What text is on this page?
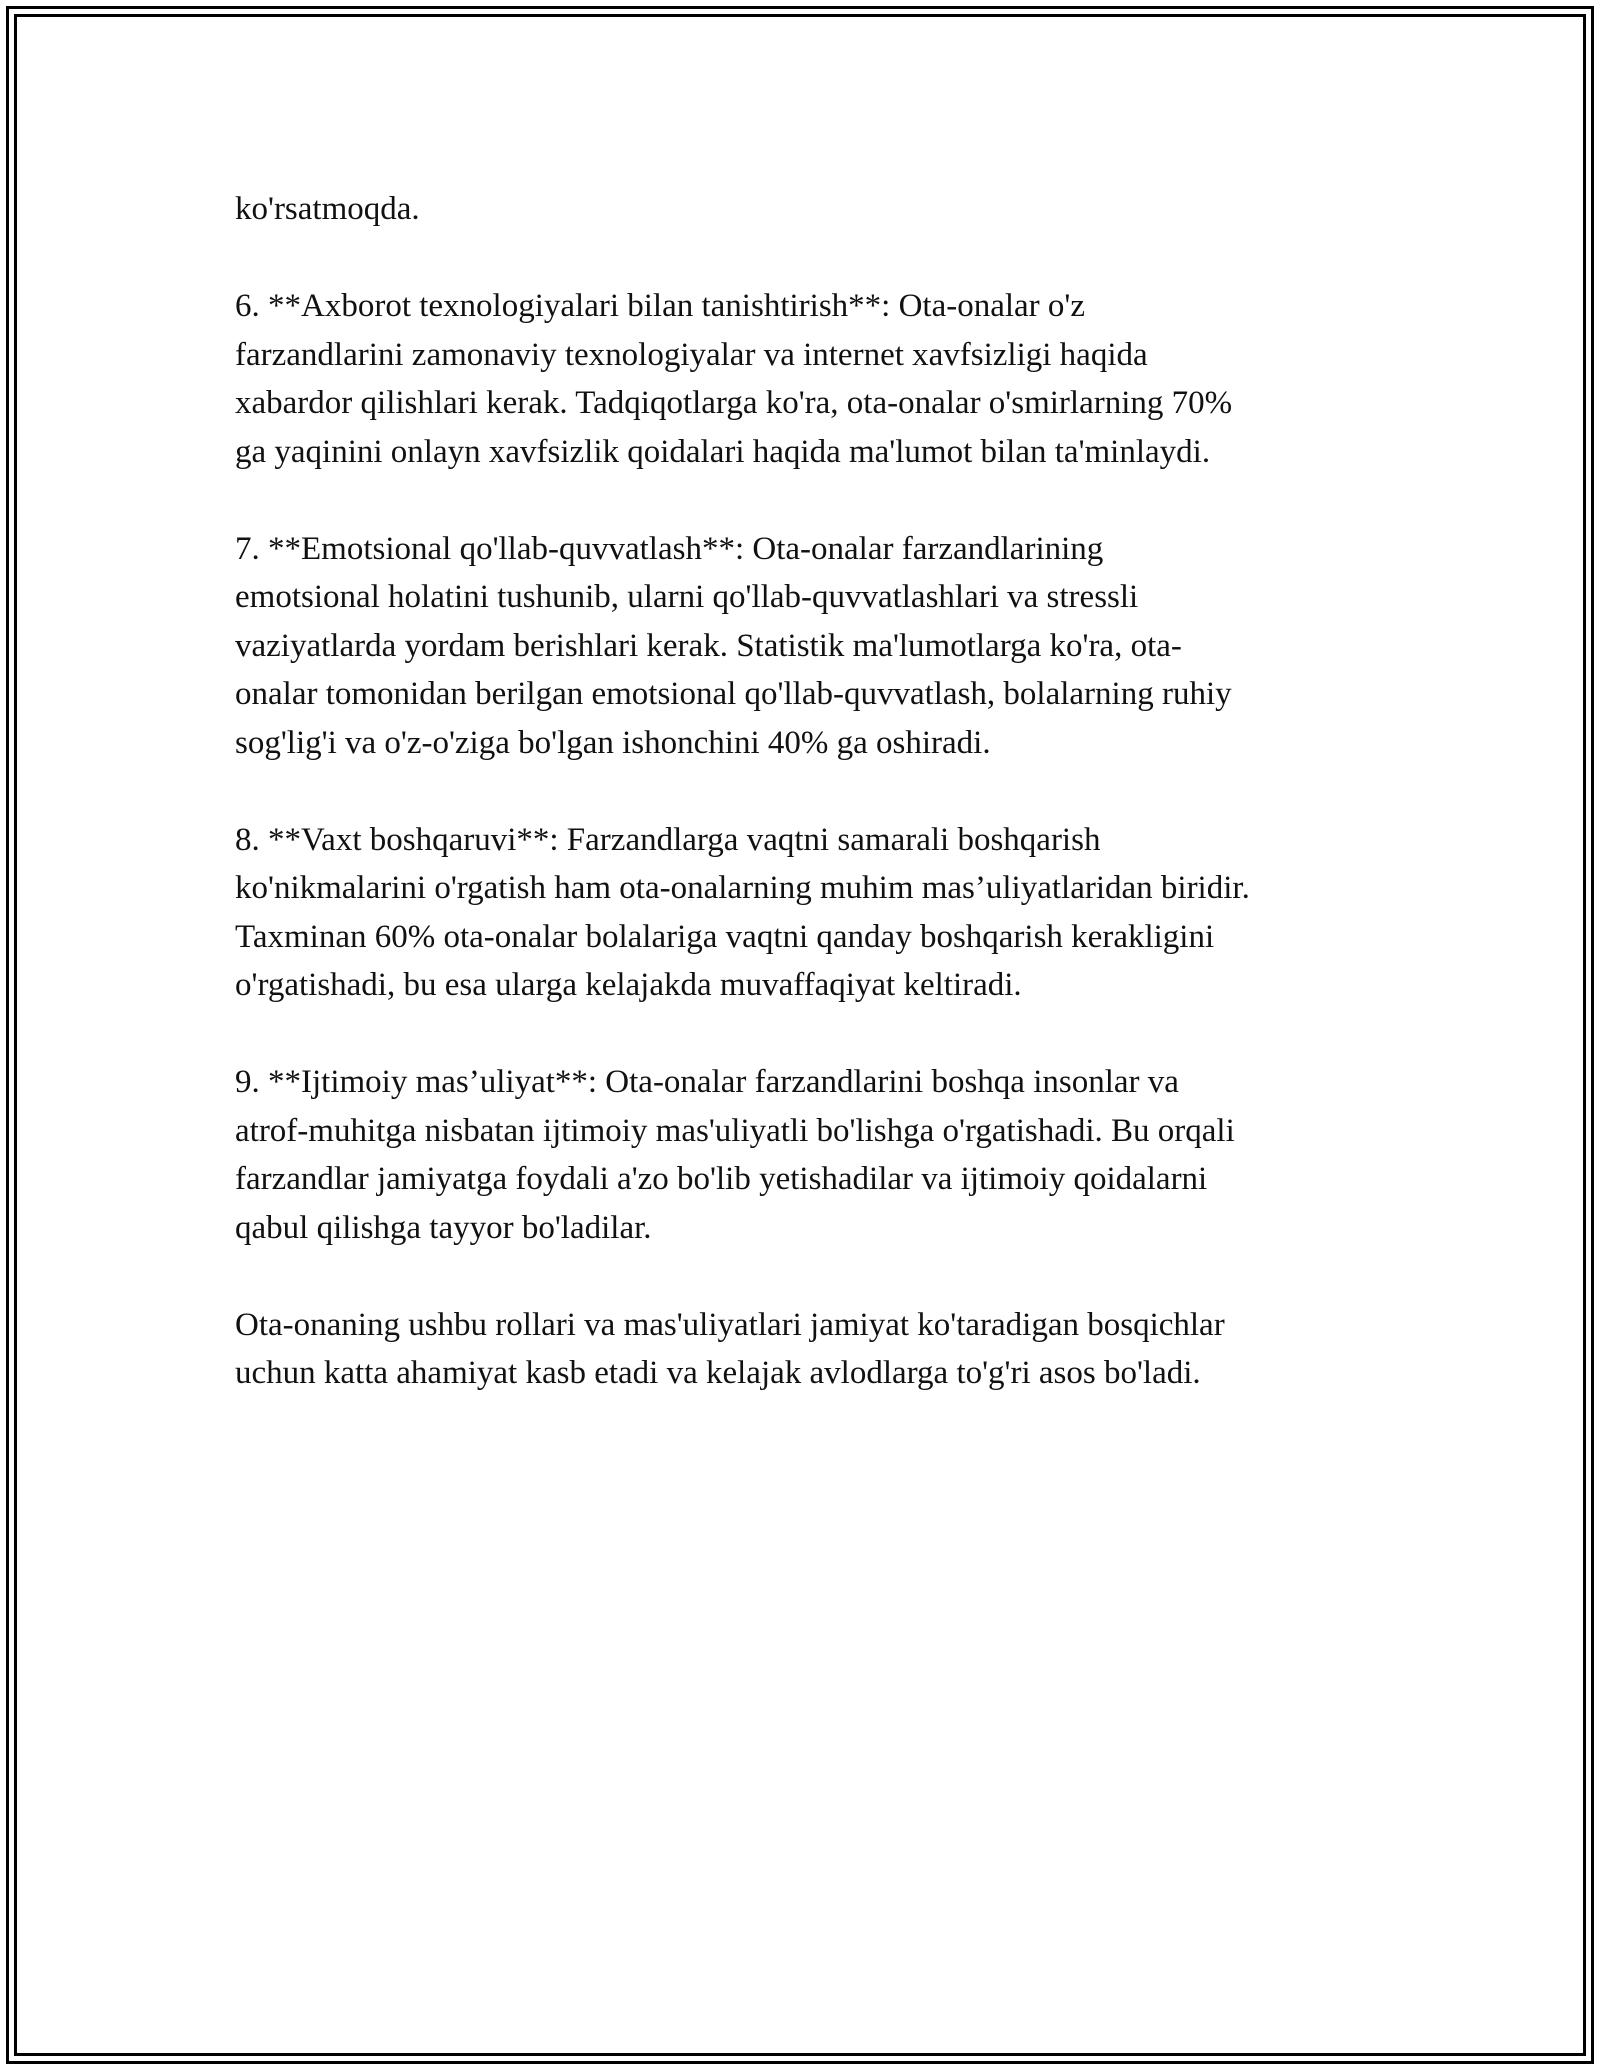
ko'rsatmoqda.

6. **Axborot texnologiyalari bilan tanishtirish**: Ota-onalar o'z
farzandlarini zamonaviy texnologiyalar va internet xavfsizligi haqida
xabardor qilishlari kerak. Tadqiqotlarga ko'ra, ota-onalar o'smirlarning 70%
ga yaqinini onlayn xavfsizlik qoidalari haqida ma'lumot bilan ta'minlaydi.

7. **Emotsional qo'llab-quvvatlash**: Ota-onalar farzandlarining
emotsional holatini tushunib, ularni qo'llab-quvvatlashlari va stressli
vaziyatlarda yordam berishlari kerak. Statistik ma'lumotlarga ko'ra, ota-
onalar tomonidan berilgan emotsional qo'llab-quvvatlash, bolalarning ruhiy
sog'lig'i va o'z-o'ziga bo'lgan ishonchini 40% ga oshiradi.

8. **Vaxt boshqaruvi**: Farzandlarga vaqtni samarali boshqarish
ko'nikmalarini o'rgatish ham ota-onalarning muhim mas’uliyatlaridan biridir.
Taxminan 60% ota-onalar bolalariga vaqtni qanday boshqarish kerakligini
o'rgatishadi, bu esa ularga kelajakda muvaffaqiyat keltiradi.

9. **Ijtimoiy mas’uliyat**: Ota-onalar farzandlarini boshqa insonlar va
atrof-muhitga nisbatan ijtimoiy mas'uliyatli bo'lishga o'rgatishadi. Bu orqali
farzandlar jamiyatga foydali a'zo bo'lib yetishadilar va ijtimoiy qoidalarni
qabul qilishga tayyor bo'ladilar.

Ota-onaning ushbu rollari va mas'uliyatlari jamiyat ko'taradigan bosqichlar
uchun katta ahamiyat kasb etadi va kelajak avlodlarga to'g'ri asos bo'ladi.
